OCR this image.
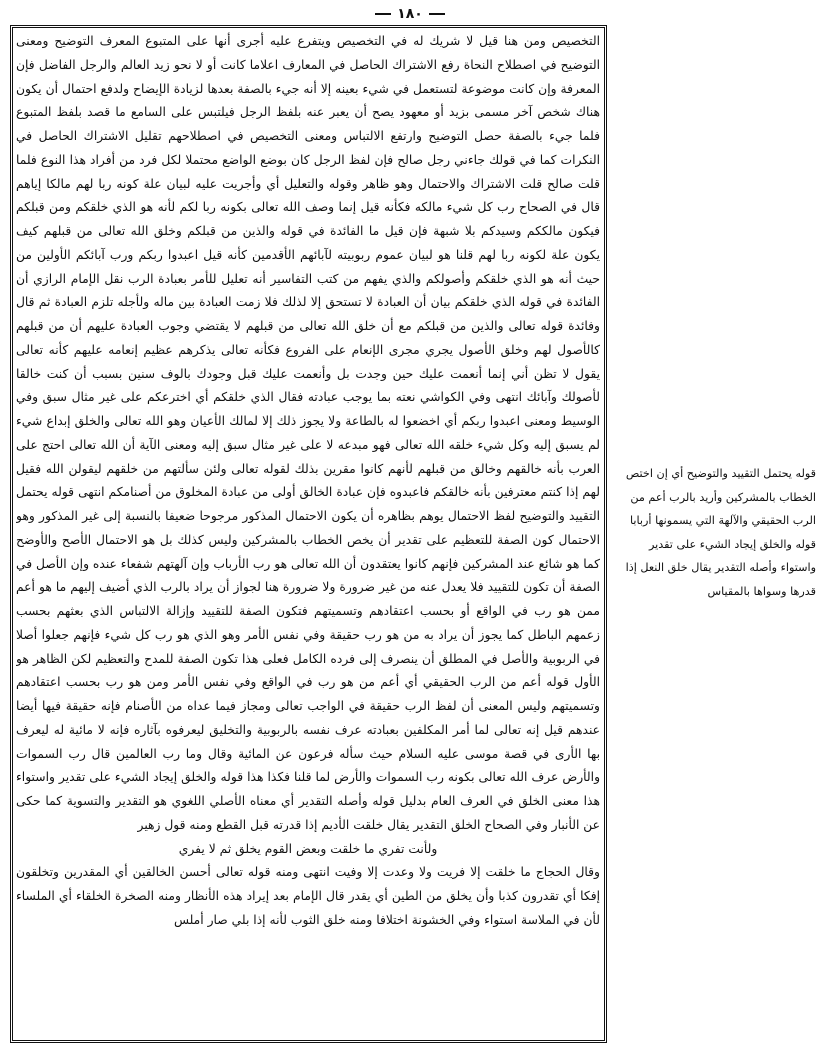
۱۸۰
التخصيص ومن هنا قيل لا شريك له في التخصيص ويتفرع عليه أجرى أنها على المتبوع المعرف التوضيح ومعنى التوضيح في اصطلاح النحاة رفع الاشتراك الحاصل في المعارف اعلاما كانت أو لا نحو زيد العالم والرجل الفاضل فإن المعرفة وإن كانت موضوعة لتستعمل في شيء بعينه إلا أنه جيء بالصفة بعدها لزيادة الإيضاح ولدفع احتمال أن يكون هناك شخص آخر مسمى بزيد أو معهود يصح أن يعبر عنه بلفظ الرجل فيلتبس على السامع ما قصد بلفظ المتبوع فلما جيء بالصفة حصل التوضيح وارتفع الالتباس ومعنى التخصيص في اصطلاحهم تقليل الاشتراك الحاصل في النكرات كما في قولك جاءني رجل صالح فإن لفظ الرجل كان بوضع الواضع محتملا لكل فرد من أفراد هذا النوع فلما قلت صالح قلت الاشتراك والاحتمال وهو ظاهر وقوله والتعليل أي وأجريت عليه لبيان علة كونه ربا لهم مالكا إياهم قال في الصحاح رب كل شيء مالكه فكأنه قيل إنما وصف الله تعالى بكونه ربا لكم لأنه هو الذي خلقكم ومن قبلكم فيكون مالككم وسيدكم بلا شبهة فإن قيل ما الفائدة في قوله والذين من قبلكم وخلق الله تعالى من قبلهم كيف يكون علة لكونه ربا لهم قلنا هو لبيان عموم ربوبيته لآبائهم الأقدمين كأنه قيل اعبدوا ربكم ورب آبائكم الأولين من حيث أنه هو الذي خلقكم وأصولكم والذي يفهم من كتب التفاسير أنه تعليل للأمر بعبادة الرب نقل الإمام الرازي أن الفائدة في قوله الذي خلقكم بيان أن العبادة لا تستحق إلا لذلك فلا زمت العبادة بين ماله ولأجله تلزم العبادة ثم قال وفائدة قوله تعالى والذين من قبلكم مع أن خلق الله تعالى من قبلهم لا يقتضي وجوب العبادة عليهم أن من قبلهم كالأصول لهم وخلق الأصول يجري مجرى الإنعام على الفروع فكأنه تعالى يذكرهم عظيم إنعامه عليهم كأنه تعالى يقول لا تظن أني إنما أنعمت عليك حين وجدت بل وأنعمت عليك قبل وجودك بالوف سنين بسبب أن كنت خالقا لأصولك وآبائك انتهى وفي الكواشي نعته بما يوجب عبادته فقال الذي خلقكم أي اخترعكم على غير مثال سبق وفي الوسيط ومعنى اعبدوا ربكم أي اخضعوا له بالطاعة ولا يجوز ذلك إلا لمالك الأعيان وهو الله تعالى والخلق إبداع شيء لم يسبق إليه وكل شيء خلقه الله تعالى فهو مبدعه لا على غير مثال سبق إليه ومعنى الآية أن الله تعالى احتج على العرب بأنه خالقهم وخالق من قبلهم لأنهم كانوا مقرين بذلك لقوله تعالى ولئن سألتهم من خلقهم ليقولن الله فقيل لهم إذا كنتم معترفين بأنه خالقكم فاعبدوه فإن عبادة الخالق أولى من عبادة المخلوق من أصنامكم انتهى قوله يحتمل التقييد والتوضيح لفظ الاحتمال يوهم بظاهره أن يكون الاحتمال المذكور مرجوحا ضعيفا بالنسبة إلى غير المذكور وهو الاحتمال كون الصفة للتعظيم على تقدير أن يخص الخطاب بالمشركين وليس كذلك بل هو الاحتمال الأصح والأوضح كما هو شائع عند المشركين فإنهم كانوا يعتقدون أن الله تعالى هو رب الأرباب وإن آلهتهم شفعاء عنده وإن الأصل في الصفة أن تكون للتقييد فلا يعدل عنه من غير ضرورة ولا ضرورة هنا لجواز أن يراد بالرب الذي أضيف إليهم ما هو أعم ممن هو رب في الواقع أو بحسب اعتقادهم وتسميتهم فتكون الصفة للتقييد وإزالة الالتباس الذي بعثهم بحسب زعمهم الباطل كما يجوز أن يراد به من هو رب حقيقة وفي نفس الأمر وهو الذي هو رب كل شيء فإنهم جعلوا أصلا في الربوبية والأصل في المطلق أن ينصرف إلى فرده الكامل فعلى هذا تكون الصفة للمدح والتعظيم لكن الظاهر هو الأول قوله أعم من الرب الحقيقي أي أعم من هو رب في الواقع وفي نفس الأمر ومن هو رب بحسب اعتقادهم وتسميتهم وليس المعنى أن لفظ الرب حقيقة في الواجب تعالى ومجاز فيما عداه من الأصنام فإنه حقيقة فيها أيضا عندهم قيل إنه تعالى لما أمر المكلفين بعبادته عرف نفسه بالربوبية والتخليق ليعرفوه بآثاره فإنه لا مائية له ليعرف بها الأرى في قصة موسى عليه السلام حيث سأله فرعون عن المائية وقال وما رب العالمين قال رب السموات والأرض عرف الله تعالى بكونه رب السموات والأرض لما قلنا فكذا هذا قوله والخلق إيجاد الشيء على تقدير واستواء هذا معنى الخلق في العرف العام بدليل قوله وأصله التقدير أي معناه الأصلي اللغوي هو التقدير والتسوية كما حكى عن الأنبار وفي الصحاح الخلق التقدير يقال خلقت الأديم إذا قدرته قبل القطع ومنه قول زهير
ولأنت تفري ما خلقت وبعض القوم يخلق ثم لا يفري
وقال الحجاج ما خلقت إلا فريت ولا وعدت إلا وفيت انتهى ومنه قوله تعالى أحسن الخالقين أي المقدرين وتخلقون إفكا أي تقدرون كذبا وأن يخلق من الطين أي يقدر قال الإمام بعد إيراد هذه الأنظار ومنه الصخرة الخلقاء أي الملساء لأن في الملاسة استواء وفي الخشونة اختلافا ومنه خلق الثوب لأنه إذا بلي صار أملس
قوله يحتمل التقييد والتوضيح أي إن اختص الخطاب بالمشركين وأريد بالرب أعم من الرب الحقيقي والآلهة التي يسمونها أربابا قوله والخلق إيجاد الشيء على تقدير واستواء وأصله التقدير يقال خلق النعل إذا قدرها وسواها بالمقياس
